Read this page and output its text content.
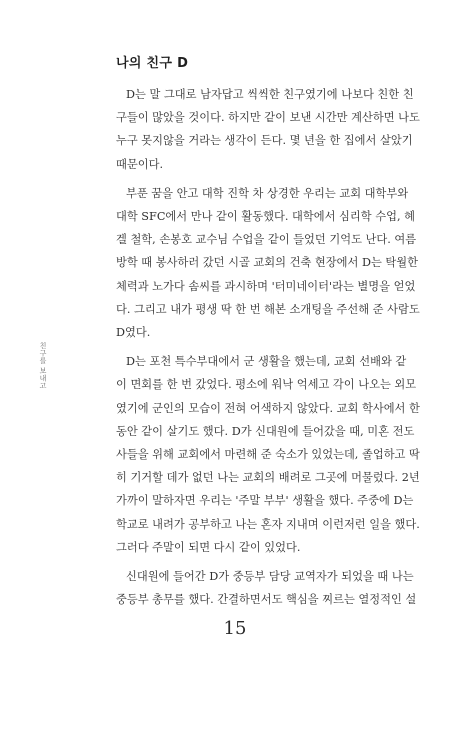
친구를 보내고
나의 친구 D

D는 말 그대로 남자답고 씩씩한 친구였기에 나보다 친한 친
구들이 많았을 것이다. 하지만 같이 보낸 시간만 계산하면 나도
누구 못지않을 거라는 생각이 든다. 몇 년을 한 집에서 살았기
때문이다.

부푼 꿈을 안고 대학 진학 차 상경한 우리는 교회 대학부와
대학 SFC에서 만나 같이 활동했다. 대학에서 심리학 수업, 혜
겔 철학, 손봉호 교수님 수업을 같이 들었던 기억도 난다. 여름
방학 때 봉사하러 갔던 시골 교회의 건축 현장에서 D는 탁월한
체력과 노가다 솜씨를 과시하며 '터미네이터'라는 별명을 얻었
다. 그리고 내가 평생 딱 한 번 해본 소개팅을 주선해 준 사람도
D였다.

D는 포천 특수부대에서 군 생활을 했는데, 교회 선배와 같
이 면회를 한 번 갔었다. 평소에 워낙 억세고 각이 나오는 외모
였기에 군인의 모습이 전혀 어색하지 않았다. 교회 학사에서 한
동안 같이 살기도 했다. D가 신대원에 들어갔을 때, 미혼 전도
사들을 위해 교회에서 마련해 준 숙소가 있었는데, 졸업하고 딱
히 기거할 데가 없던 나는 교회의 배려로 그곳에 머물렀다. 2년
가까이 말하자면 우리는 '주말 부부' 생활을 했다. 주중에 D는
학교로 내려가 공부하고 나는 혼자 지내며 이런저런 일을 했다.
그러다 주말이 되면 다시 같이 있었다.

신대원에 들어간 D가 중등부 담당 교역자가 되었을 때 나는
중등부 총무를 했다. 간결하면서도 핵심을 찌르는 열정적인 설

15
